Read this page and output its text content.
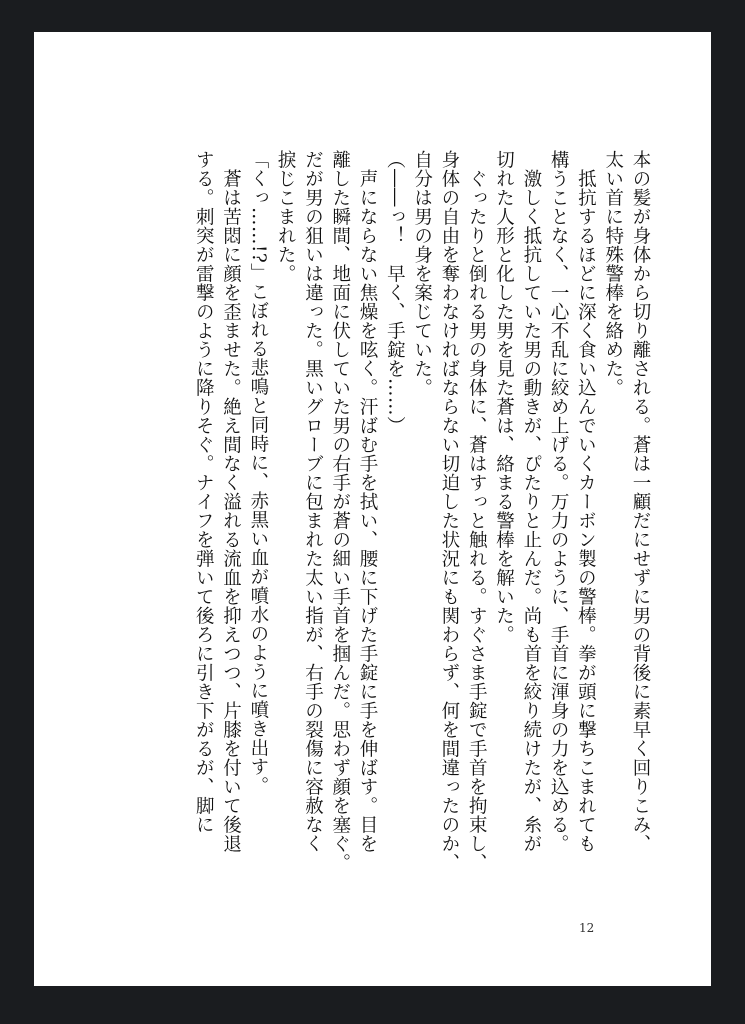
本の髪が身体から切り離される。蒼は一顧だにせずに男の背後に素早く回りこみ、
太い首に特殊警棒を絡めた。
　抵抗するほどに深く食い込んでいくカーボン製の警棒。拳が頭に撃ちこまれても
構うことなく、一心不乱に絞め上げる。万力のように、手首に渾身の力を込める。
　激しく抵抗していた男の動きが、ぴたりと止んだ。尚も首を絞り続けたが、糸が
切れた人形と化した男を見た蒼は、絡まる警棒を解いた。
　ぐったりと倒れる男の身体に、蒼はすっと触れる。すぐさま手錠で手首を拘束し、
身体の自由を奪わなければならない切迫した状況にも関わらず、何を間違ったのか、
自分は男の身を案じていた。
（――っ！　早く、手錠を……）
　声にならない焦燥を呟く。汗ばむ手を拭い、腰に下げた手錠に手を伸ばす。目を
離した瞬間、地面に伏していた男の右手が蒼の細い手首を掴んだ。思わず顔を塞ぐ。
だが男の狙いは違った。黒いグローブに包まれた太い指が、右手の裂傷に容赦なく
捩じこまれた。
「くっ……!?」こぼれる悲鳴と同時に、赤黒い血が噴水のように噴き出す。
　蒼は苦悶に顔を歪ませた。絶え間なく溢れる流血を抑えつつ、片膝を付いて後退
する。刺突が雷撃のように降りそぐ。ナイフを弾いて後ろに引き下がるが、脚に
12
